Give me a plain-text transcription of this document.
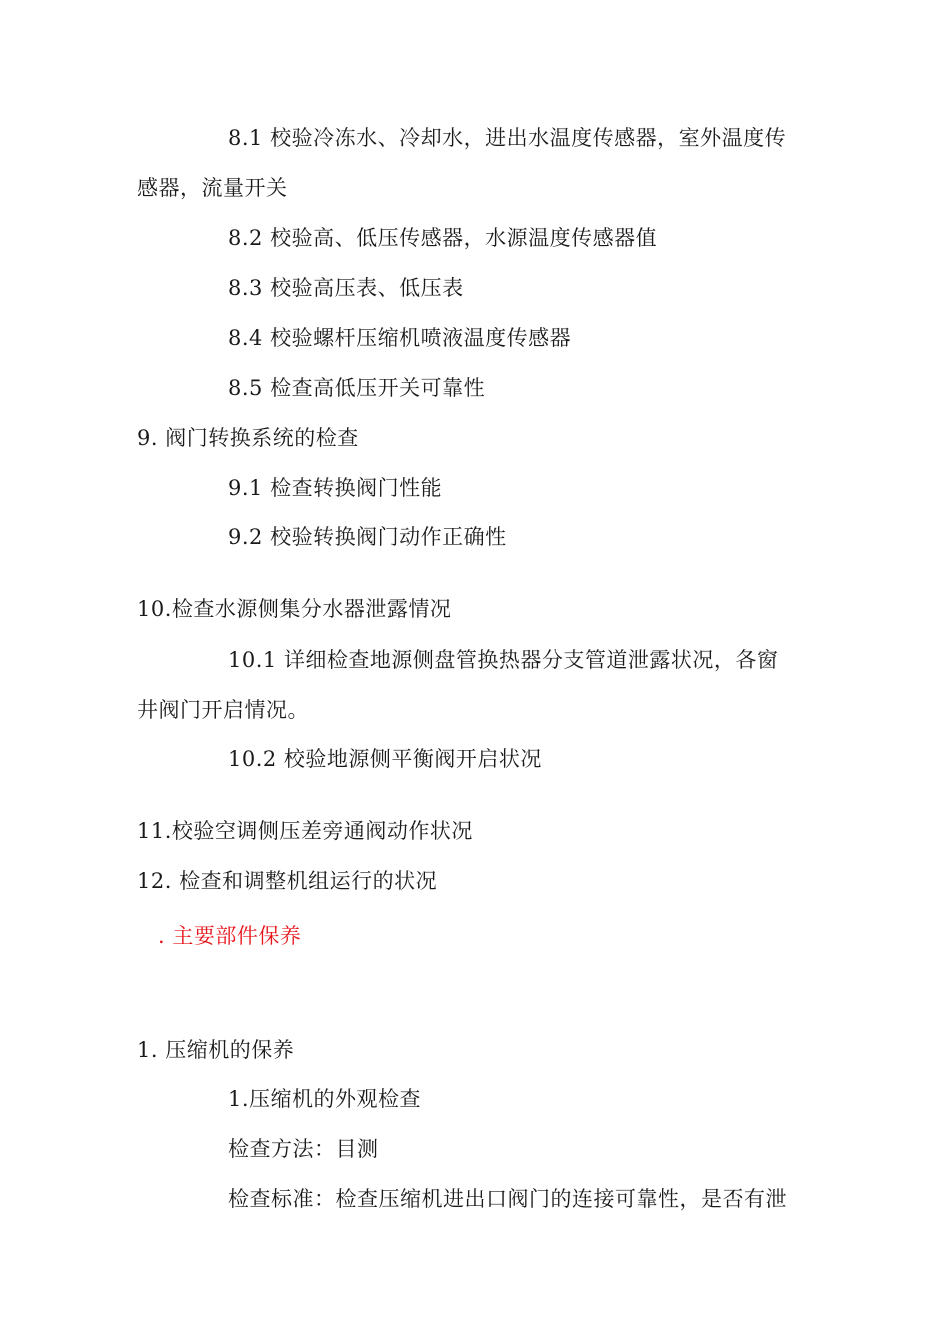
8.1 校验冷冻水、冷却水，进出水温度传感器，室外温度传
感器，流量开关
8.2 校验高、低压传感器，水源温度传感器值
8.3 校验高压表、低压表
8.4 校验螺杆压缩机喷液温度传感器
8.5 检查高低压开关可靠性
9. 阀门转换系统的检查
9.1 检查转换阀门性能
9.2 校验转换阀门动作正确性
10.检查水源侧集分水器泄露情况
10.1 详细检查地源侧盘管换热器分支管道泄露状况，各窗
井阀门开启情况。
10.2 校验地源侧平衡阀开启状况
11.校验空调侧压差旁通阀动作状况
12. 检查和调整机组运行的状况
. 主要部件保养
1. 压缩机的保养
1.压缩机的外观检查
检查方法：目测
检查标准：检查压缩机进出口阀门的连接可靠性，是否有泄
